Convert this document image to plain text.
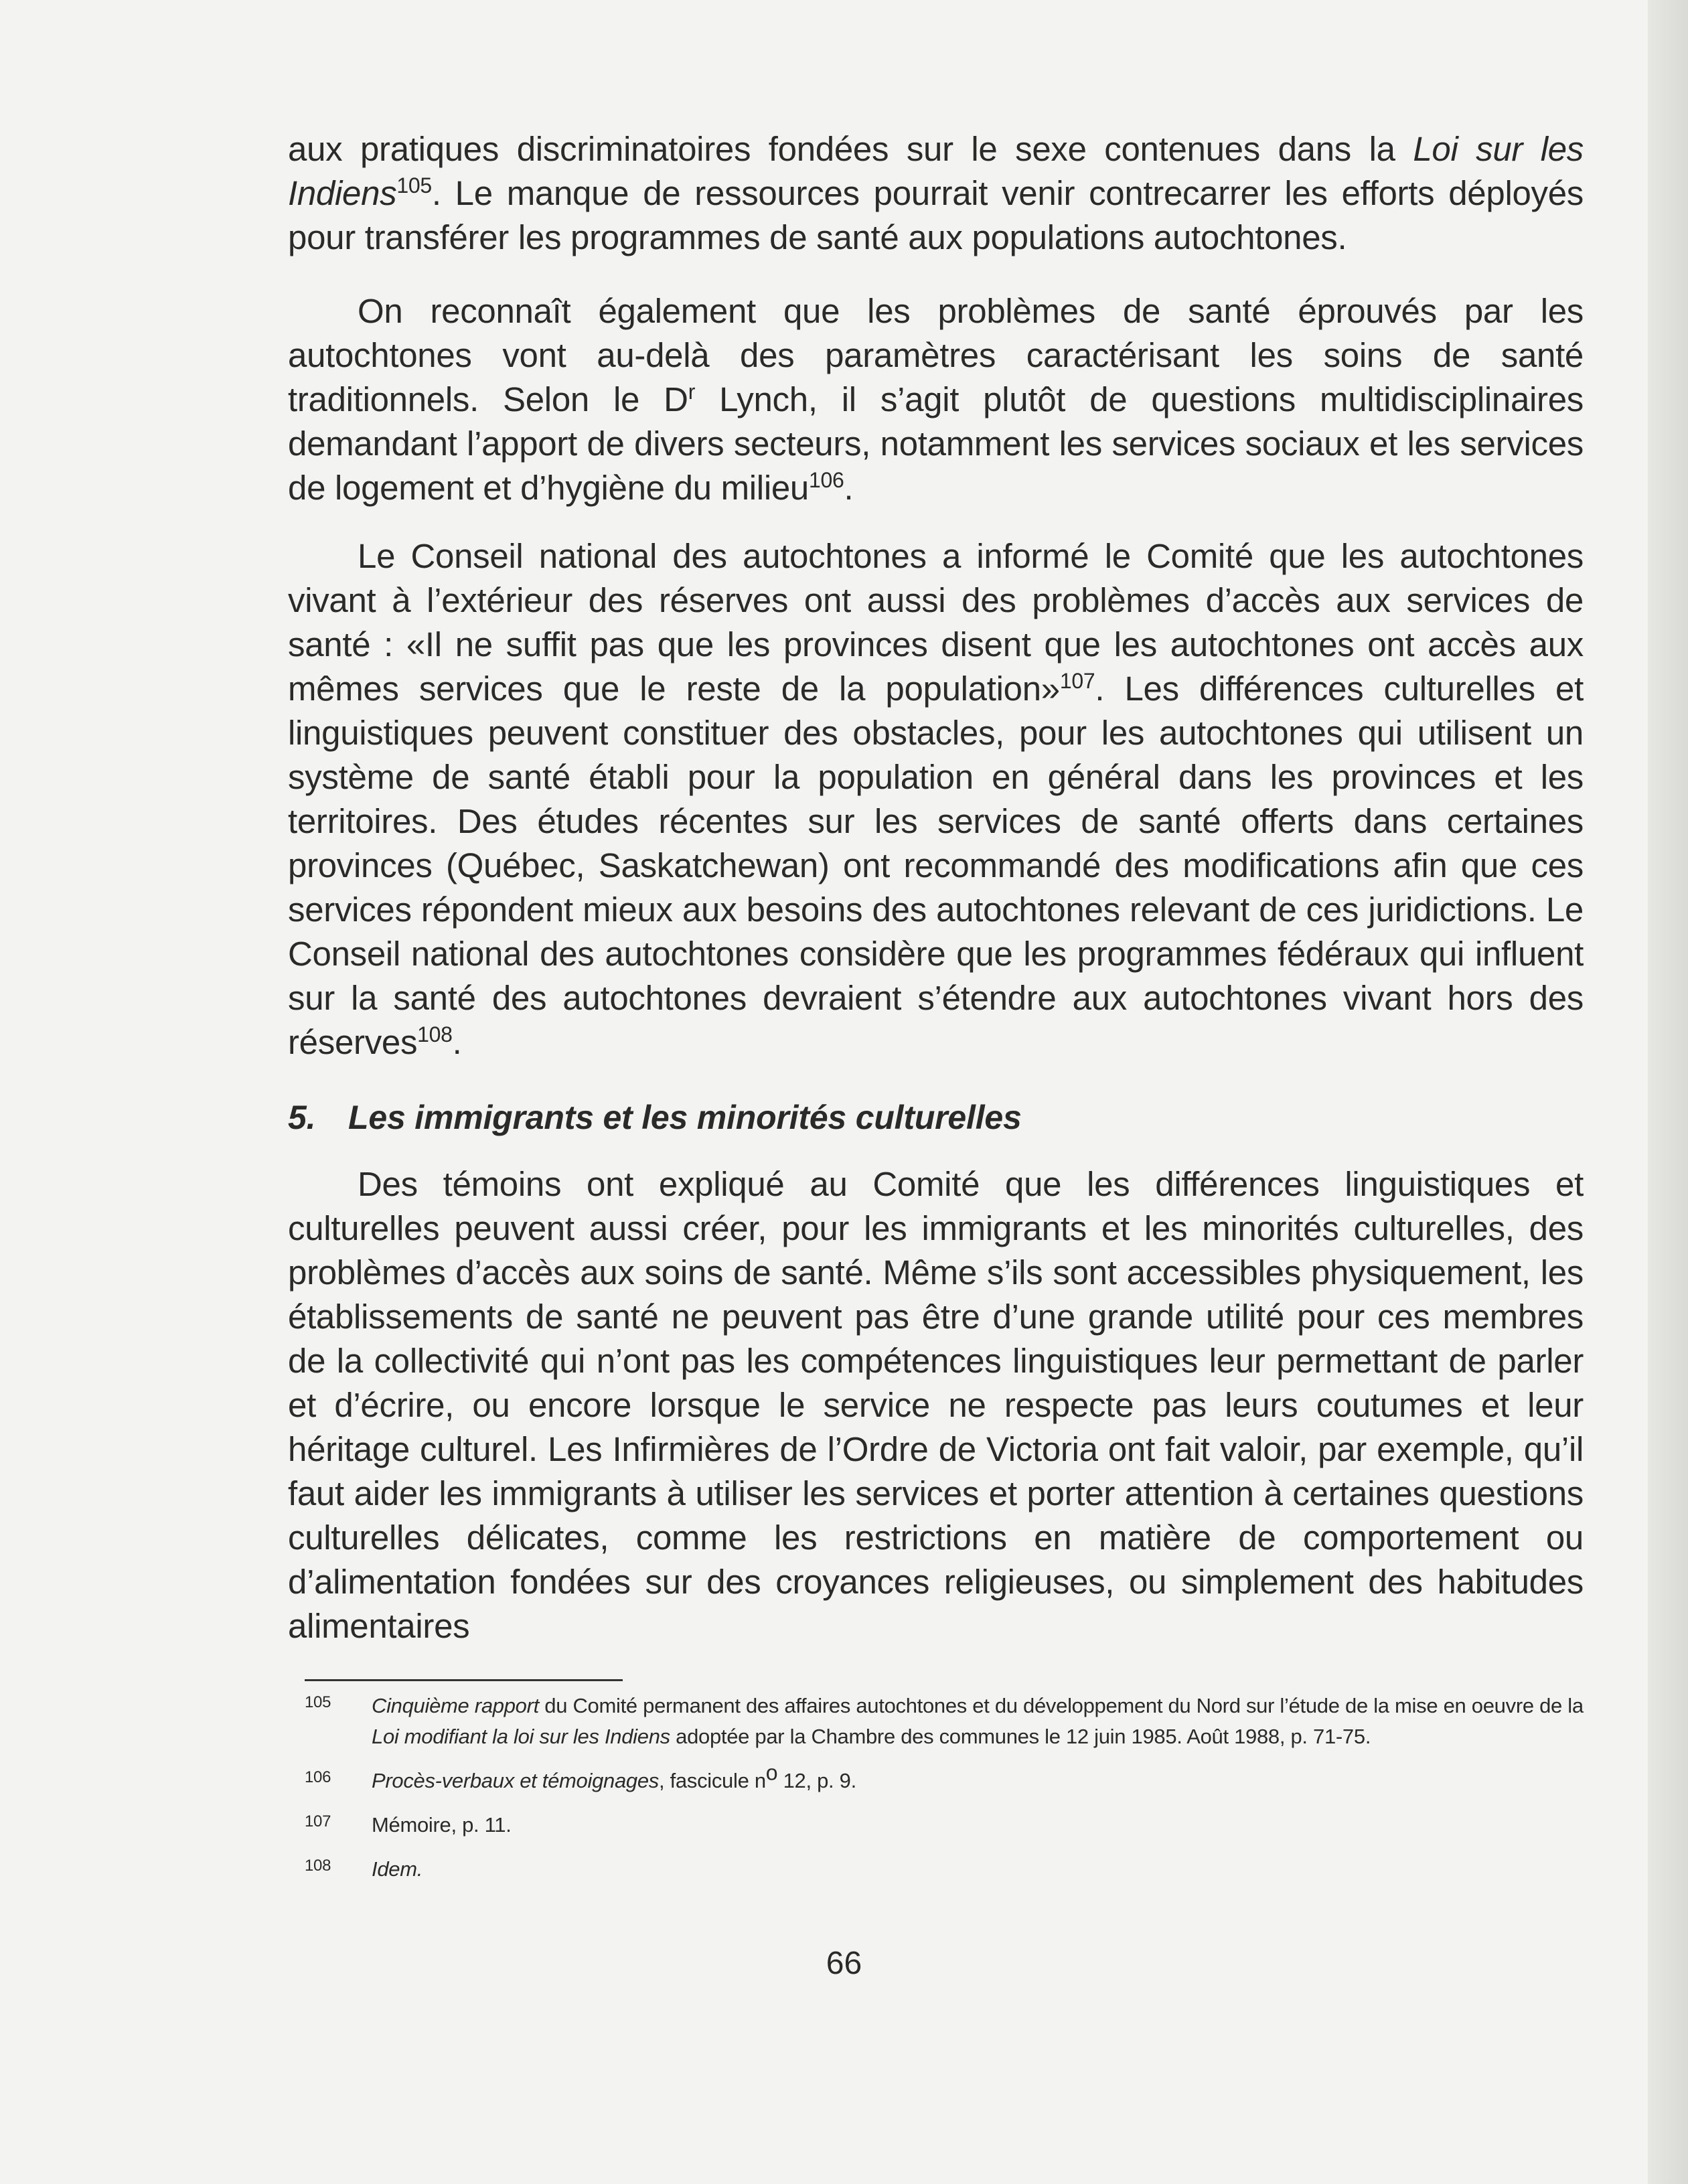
aux pratiques discriminatoires fondées sur le sexe contenues dans la Loi sur les Indiens$^{105}$. Le manque de ressources pourrait venir contrecarrer les efforts déployés pour transférer les programmes de santé aux populations autochtones.

On reconnaît également que les problèmes de santé éprouvés par les autochtones vont au-delà des paramètres caractérisant les soins de santé traditionnels. Selon le $D^r$ Lynch, il s’agit plutôt de questions multidisciplinaires demandant l’apport de divers secteurs, notamment les services sociaux et les services de logement et d’hygiène du milieu$^{106}$.

Le Conseil national des autochtones a informé le Comité que les autochtones vivant à l’extérieur des réserves ont aussi des problèmes d’accès aux services de santé : «Il ne suffit pas que les provinces disent que les autochtones ont accès aux mêmes services que le reste de la population»$^{107}$. Les différences culturelles et linguistiques peuvent constituer des obstacles, pour les autochtones qui utilisent un système de santé établi pour la population en général dans les provinces et les territoires. Des études récentes sur les services de santé offerts dans certaines provinces (Québec, Saskatchewan) ont recommandé des modifications afin que ces services répondent mieux aux besoins des autochtones relevant de ces juridictions. Le Conseil national des autochtones considère que les programmes fédéraux qui influent sur la santé des autochtones devraient s’étendre aux autochtones vivant hors des réserves$^{108}$.

5. Les immigrants et les minorités culturelles

Des témoins ont expliqué au Comité que les différences linguistiques et culturelles peuvent aussi créer, pour les immigrants et les minorités culturelles, des problèmes d’accès aux soins de santé. Même s’ils sont accessibles physiquement, les établissements de santé ne peuvent pas être d’une grande utilité pour ces membres de la collectivité qui n’ont pas les compétences linguistiques leur permettant de parler et d’écrire, ou encore lorsque le service ne respecte pas leurs coutumes et leur héritage culturel. Les Infirmières de l’Ordre de Victoria ont fait valoir, par exemple, qu’il faut aider les immigrants à utiliser les services et porter attention à certaines questions culturelles délicates, comme les restrictions en matière de comportement ou d’alimentation fondées sur des croyances religieuses, ou simplement des habitudes alimentaires

105	Cinquième rapport du Comité permanent des affaires autochtones et du développement du Nord sur l’étude de la mise en oeuvre de la Loi modifiant la loi sur les Indiens adoptée par la Chambre des communes le 12 juin 1985. Août 1988, p. 71-75.
106	Procès-verbaux et témoignages, fascicule $n^o$ 12, p. 9.
107	Mémoire, p. 11.
108	Idem.
66
